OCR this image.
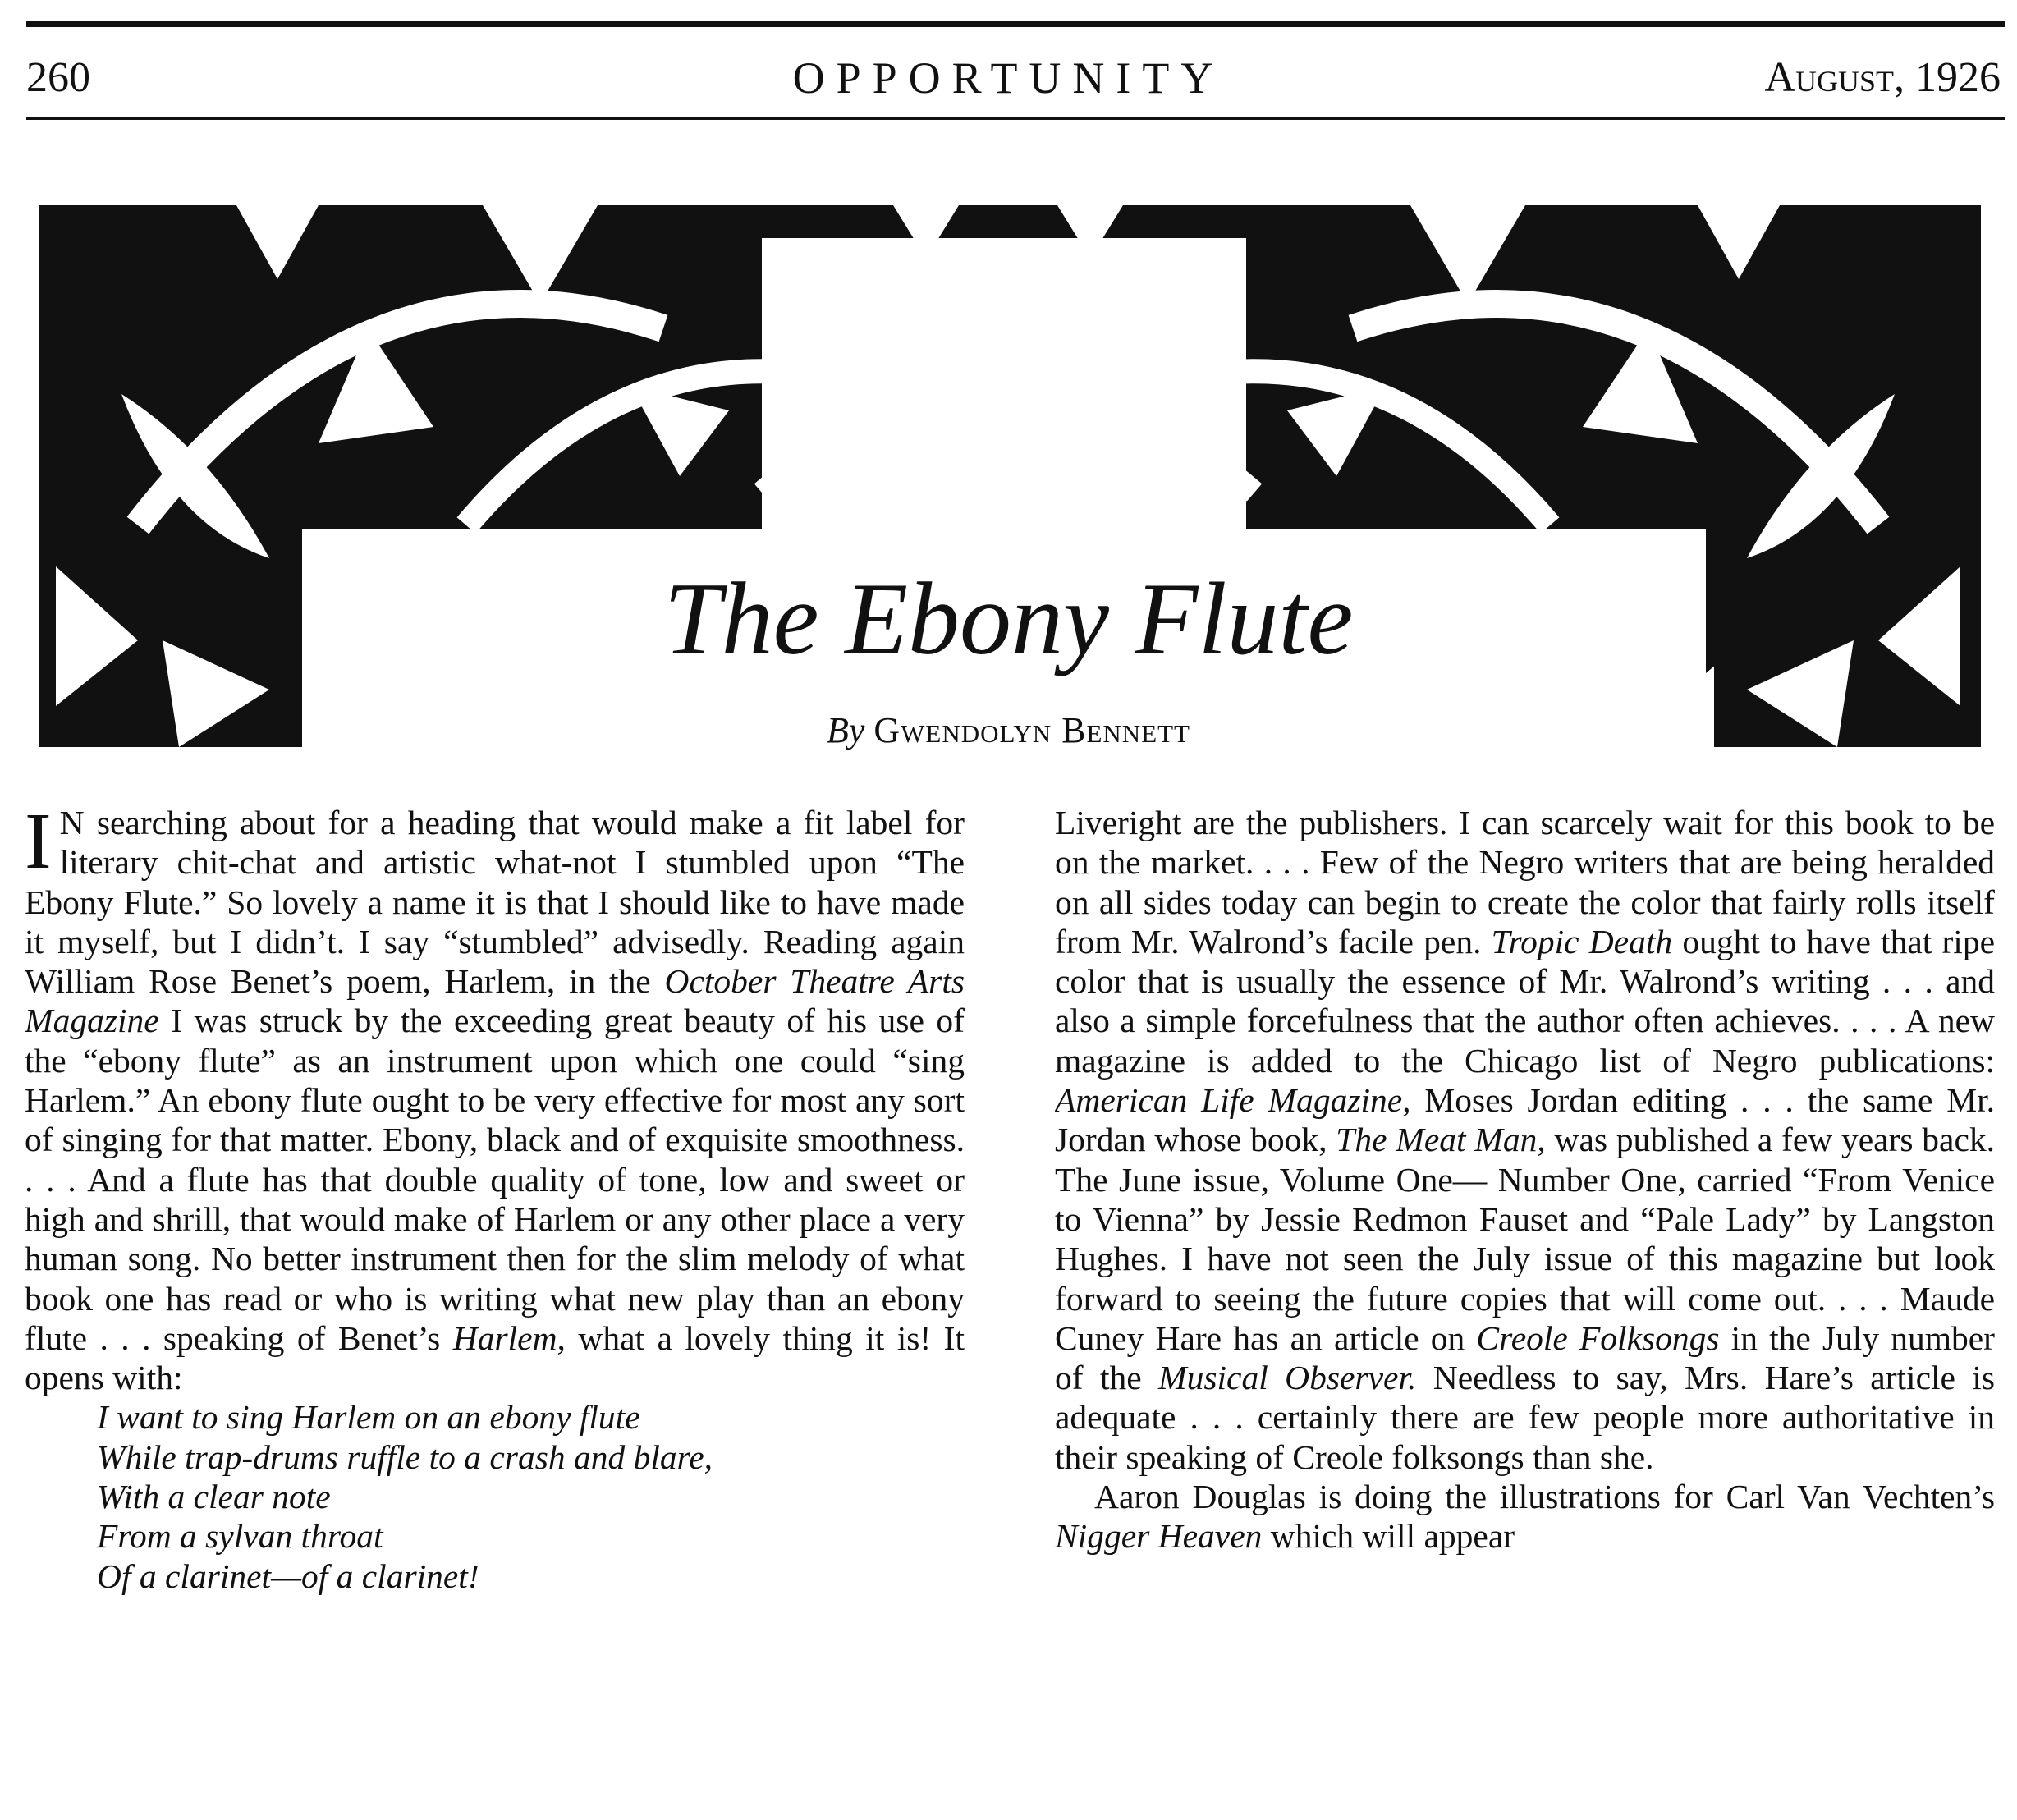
260	OPPORTUNITY	August, 1926
The Ebony Flute
By Gwendolyn Bennett

I N searching about for a heading that would make a fit label for literary chit-chat and artistic what-not I stumbled upon “The Ebony Flute.” So lovely a name it is that I should like to have made it myself, but I didn’t. I say “stumbled” advisedly. Reading again William Rose Benet’s poem, Harlem, in the October Theatre Arts Magazine I was struck by the exceeding great beauty of his use of the “ebony flute” as an instrument upon which one could “sing Harlem.” An ebony flute ought to be very effective for most any sort of singing for that matter. Ebony, black and of exquisite smoothness. . . . And a flute has that double quality of tone, low and sweet or high and shrill, that would make of Harlem or any other place a very human song. No better instrument then for the slim melody of what book one has read or who is writing what new play than an ebony flute . . . speaking of Benet’s Harlem, what a lovely thing it is! It opens with:

I want to sing Harlem on an ebony flute
While trap-drums ruffle to a crash and blare,
With a clear note
From a sylvan throat
Of a clarinet—of a clarinet!

Liveright are the publishers. I can scarcely wait for this book to be on the market. . . . Few of the Negro writers that are being heralded on all sides today can begin to create the color that fairly rolls itself from Mr. Walrond’s facile pen. Tropic Death ought to have that ripe color that is usually the essence of Mr. Walrond’s writing . . . and also a simple forcefulness that the author often achieves. . . . A new magazine is added to the Chicago list of Negro publications: American Life Magazine, Moses Jordan editing . . . the same Mr. Jordan whose book, The Meat Man, was published a few years back. The June issue, Volume One— Number One, carried “From Venice to Vienna” by Jessie Redmon Fauset and “Pale Lady” by Langston Hughes. I have not seen the July issue of this magazine but look forward to seeing the future copies that will come out. . . . Maude Cuney Hare has an article on Creole Folksongs in the July number of the Musical Observer. Needless to say, Mrs. Hare’s article is adequate . . . certainly there are few people more authoritative in their speaking of Creole folksongs than she.

Aaron Douglas is doing the illustrations for Carl Van Vechten’s Nigger Heaven which will appear
